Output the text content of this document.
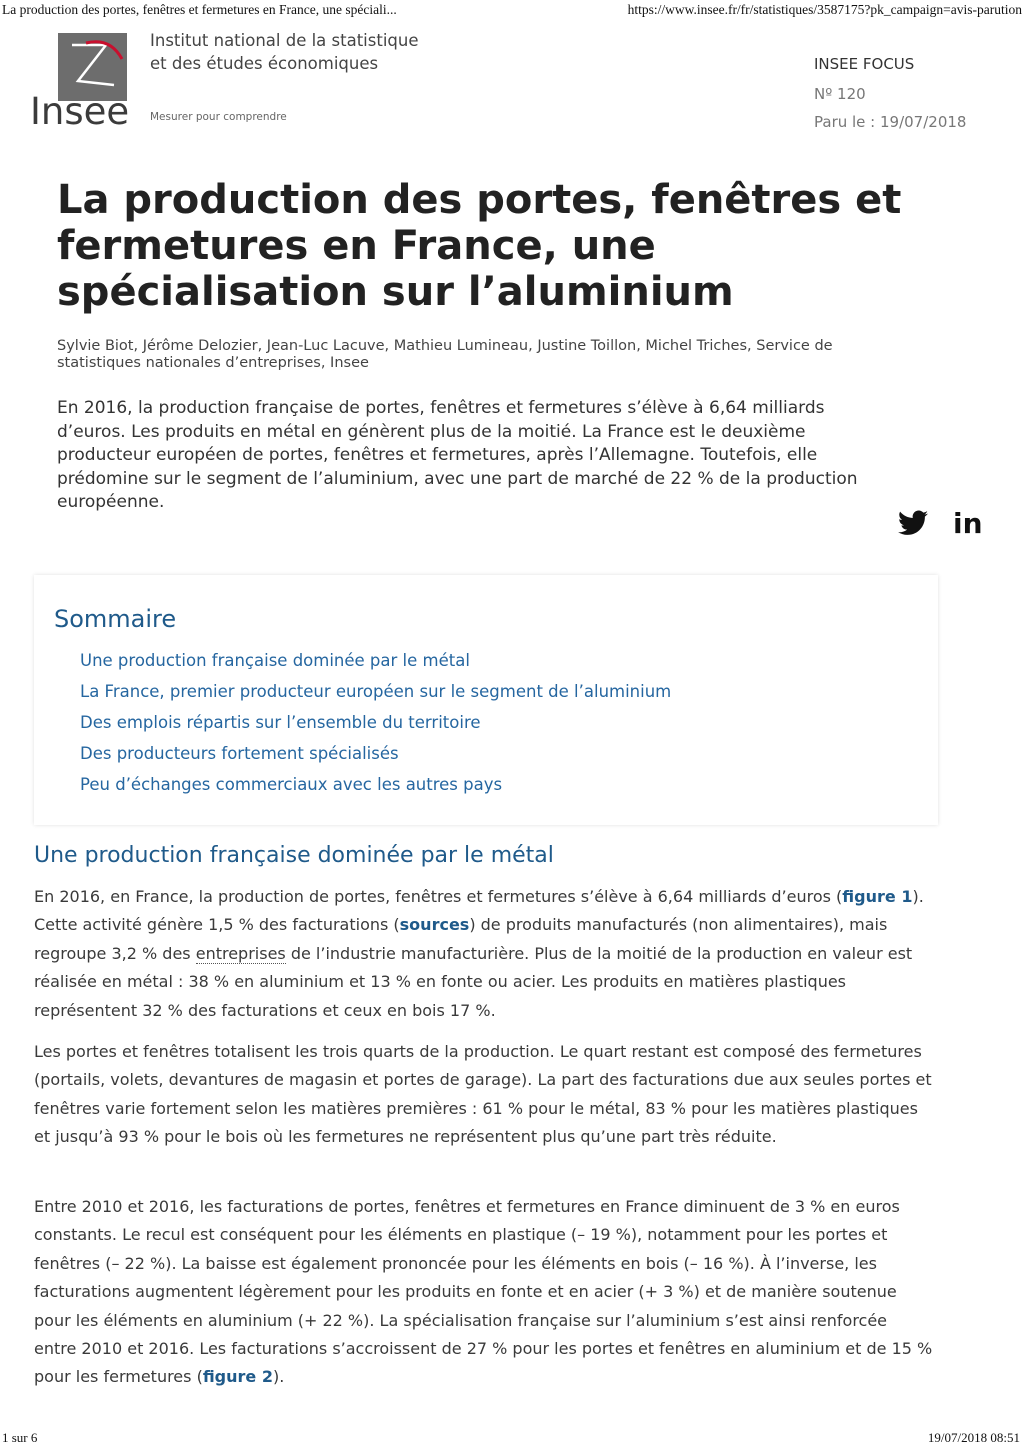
La production des portes, fenêtres et fermetures en France, une spéciali...	https://www.insee.fr/fr/statistiques/3587175?pk_campaign=avis-parution
Insee
Institut national de la statistique
et des études économiques
Mesurer pour comprendre
INSEE FOCUS
Nº 120
Paru le : 19/07/2018
La production des portes, fenêtres et fermetures en France, une spécialisation sur l’aluminium
Sylvie Biot, Jérôme Delozier, Jean-Luc Lacuve, Mathieu Lumineau, Justine Toillon, Michel Triches, Service de statistiques nationales d’entreprises, Insee
En 2016, la production française de portes, fenêtres et fermetures s’élève à 6,64 milliards d’euros. Les produits en métal en génèrent plus de la moitié. La France est le deuxième producteur européen de portes, fenêtres et fermetures, après l’Allemagne. Toutefois, elle prédomine sur le segment de l’aluminium, avec une part de marché de 22 % de la production européenne.
in
Sommaire
Une production française dominée par le métal
La France, premier producteur européen sur le segment de l’aluminium
Des emplois répartis sur l’ensemble du territoire
Des producteurs fortement spécialisés
Peu d’échanges commerciaux avec les autres pays
Une production française dominée par le métal

En 2016, en France, la production de portes, fenêtres et fermetures s’élève à 6,64 milliards d’euros (figure 1). Cette activité génère 1,5 % des facturations (sources) de produits manufacturés (non alimentaires), mais regroupe 3,2 % des entreprises de l’industrie manufacturière. Plus de la moitié de la production en valeur est réalisée en métal : 38 % en aluminium et 13 % en fonte ou acier. Les produits en matières plastiques représentent 32 % des facturations et ceux en bois 17 %.

Les portes et fenêtres totalisent les trois quarts de la production. Le quart restant est composé des fermetures (portails, volets, devantures de magasin et portes de garage). La part des facturations due aux seules portes et fenêtres varie fortement selon les matières premières : 61 % pour le métal, 83 % pour les matières plastiques et jusqu’à 93 % pour le bois où les fermetures ne représentent plus qu’une part très réduite.

Entre 2010 et 2016, les facturations de portes, fenêtres et fermetures en France diminuent de 3 % en euros constants. Le recul est conséquent pour les éléments en plastique (– 19 %), notamment pour les portes et fenêtres (– 22 %). La baisse est également prononcée pour les éléments en bois (– 16 %). À l’inverse, les facturations augmentent légèrement pour les produits en fonte et en acier (+ 3 %) et de manière soutenue pour les éléments en aluminium (+ 22 %). La spécialisation française sur l’aluminium s’est ainsi renforcée entre 2010 et 2016. Les facturations s’accroissent de 27 % pour les portes et fenêtres en aluminium et de 15 % pour les fermetures (figure 2).

1 sur 6	19/07/2018 08:51
